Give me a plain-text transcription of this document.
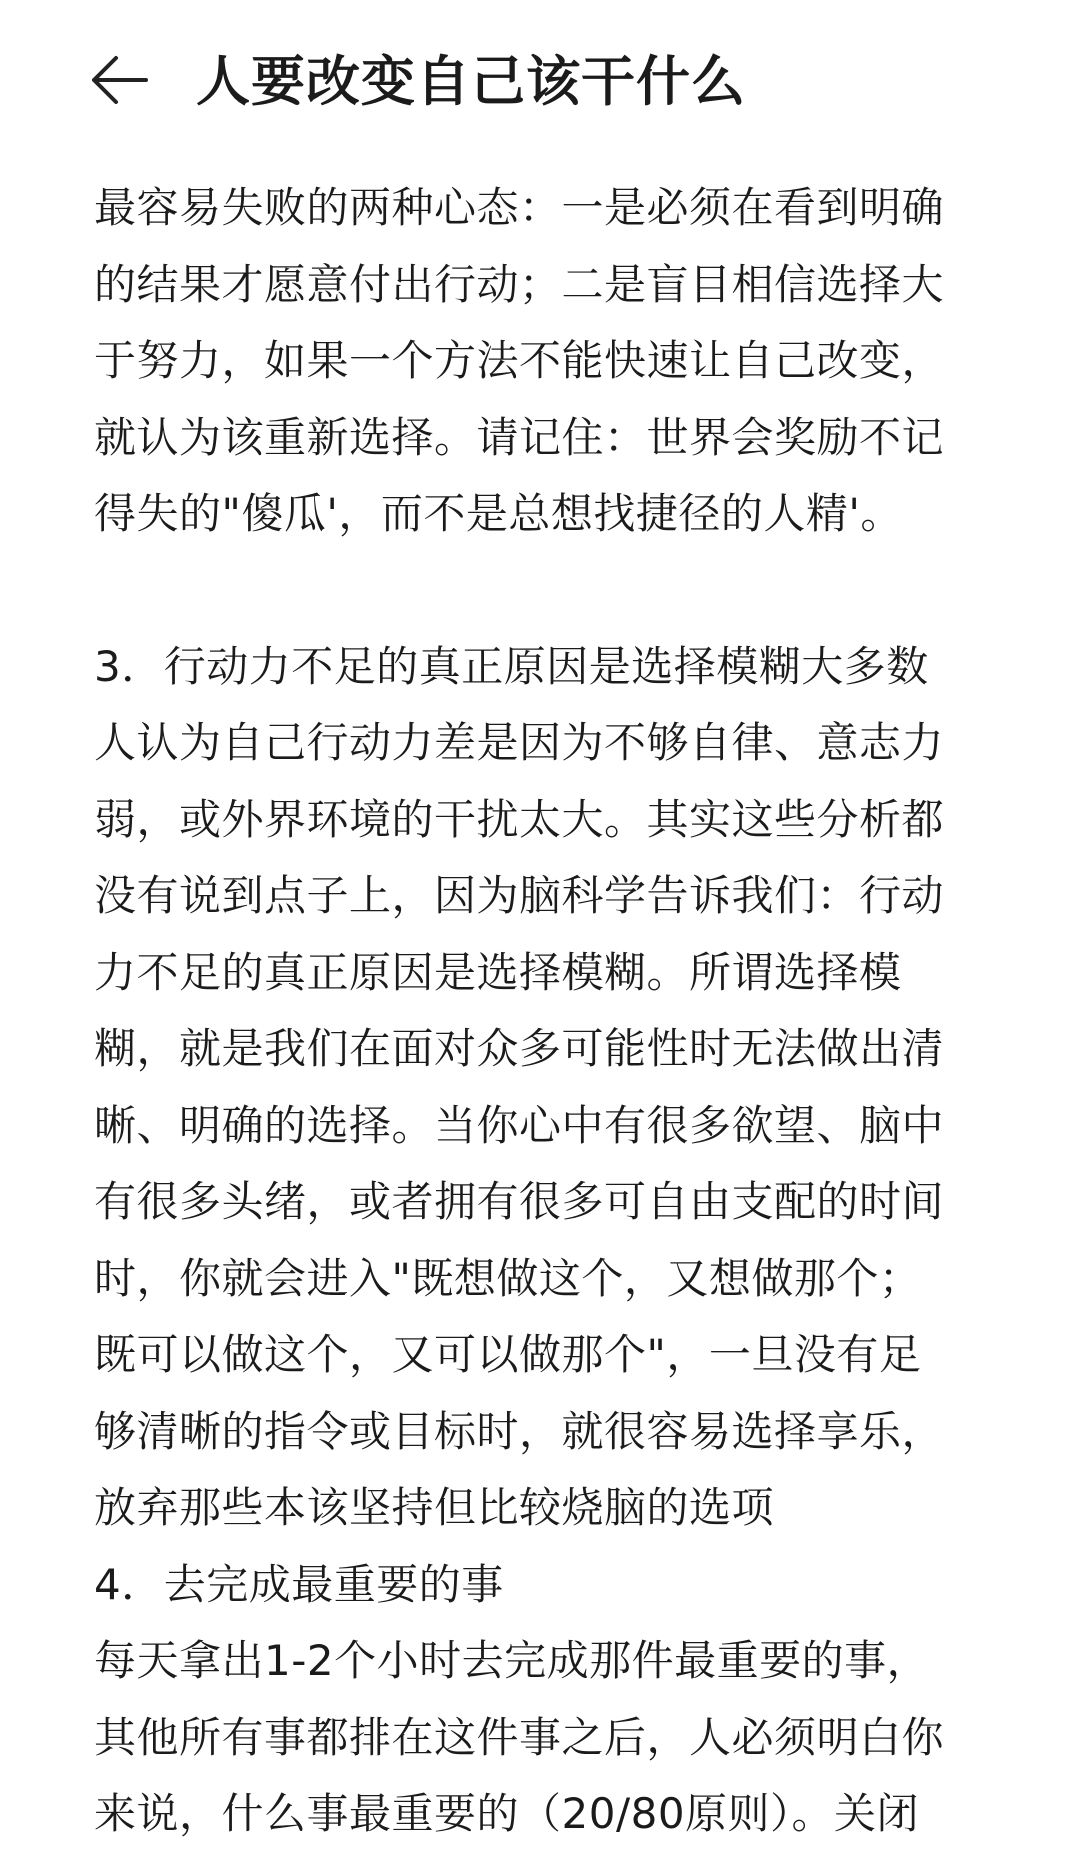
人要改变自己该干什么

最容易失败的两种心态：一是必须在看到明确
的结果才愿意付出行动；二是盲目相信选择大
于努力，如果一个方法不能快速让自己改变，
就认为该重新选择。请记住：世界会奖励不记
得失的"傻瓜'，而不是总想找捷径的人精'。

3．行动力不足的真正原因是选择模糊大多数
人认为自己行动力差是因为不够自律、意志力
弱，或外界环境的干扰太大。其实这些分析都
没有说到点子上，因为脑科学告诉我们：行动
力不足的真正原因是选择模糊。所谓选择模
糊，就是我们在面对众多可能性时无法做出清
晰、明确的选择。当你心中有很多欲望、脑中
有很多头绪，或者拥有很多可自由支配的时间
时，你就会进入"既想做这个，又想做那个；
既可以做这个，又可以做那个"，一旦没有足
够清晰的指令或目标时，就很容易选择享乐，
放弃那些本该坚持但比较烧脑的选项

4．去完成最重要的事

每天拿出1-2个小时去完成那件最重要的事，
其他所有事都排在这件事之后，人必须明白你
来说，什么事最重要的（20/80原则）。关闭
